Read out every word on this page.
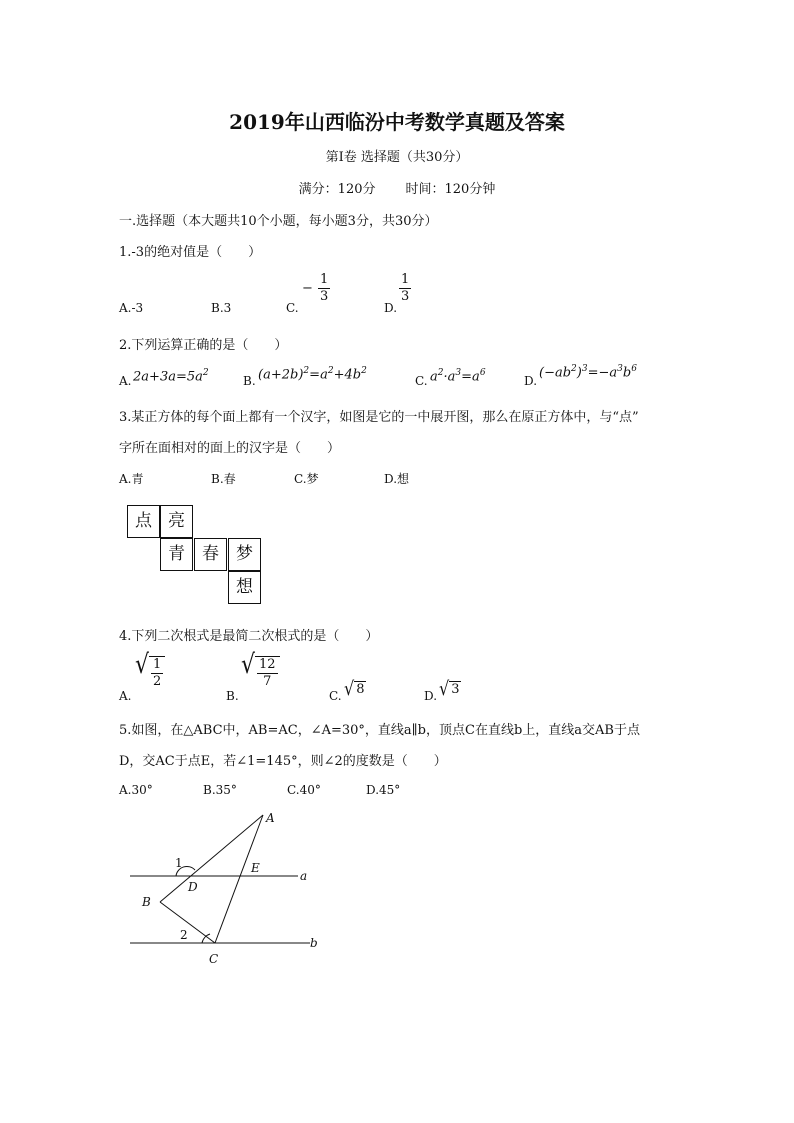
2019年山西临汾中考数学真题及答案
第I卷 选择题（共30分）
满分：120分 时间：120分钟
一.选择题（本大题共10个小题，每小题3分，共30分）
1.-3的绝对值是（　　）
A.-3	B.3	C.
− $\frac{1}{3}$
D.
$\frac{1}{3}$
2.下列运算正确的是（　　）
A. $2a+3a=5a^2$
B. $(a+2b)^2=a^2+4b^2$
C. $a^2\cdot a^3=a^6$
D.
$(-ab^2)^3=-a^3b^6$
3.某正方体的每个面上都有一个汉字，如图是它的一中展开图，那么在原正方体中，与“点”
字所在面相对的面上的汉字是（　　）
A.青	B.春	C.梦	D.想
点 亮
青	春	梦
想
4.下列二次根式是最简二次根式的是（　　）
A.
√ $\frac{1}{2}$
B.
√ $\frac{12}{7}$
C. √ 8	D. √ 3
5.如图，在△ABC中，AB=AC，∠A=30°，直线a∥b，顶点C在直线b上，直线a交AB于点
D，交AC于点E，若∠1=145°，则∠2的度数是（　　）
A.30°	B.35°	C.40°	D.45°
A
B
C
D
E
a
b
1
2
